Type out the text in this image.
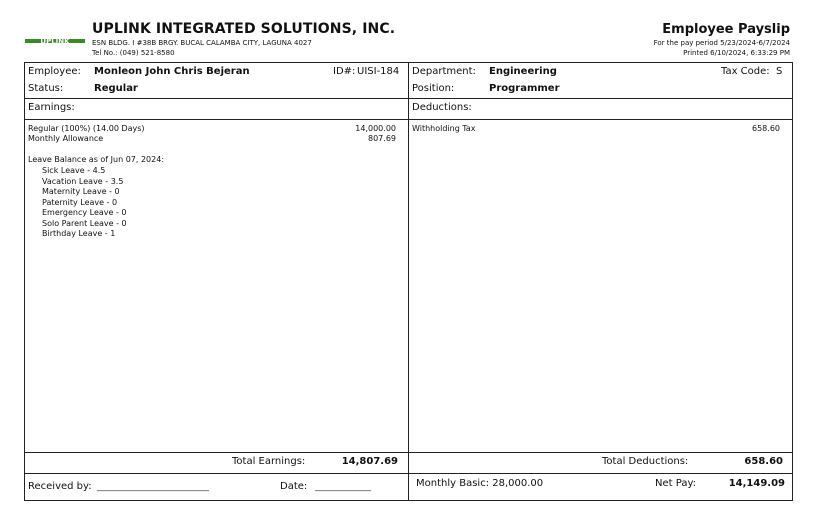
UPLINK
UPLINK INTEGRATED SOLUTIONS, INC.
ESN BLDG. I #38B BRGY. BUCAL CALAMBA CITY, LAGUNA 4027
Tel No.: (049) 521-8580
Employee Payslip
For the pay period 5/23/2024-6/7/2024
Printed 6/10/2024, 6:33:29 PM
Employee: Monleon John Chris Bejeran	ID#: UISI-184
Status:	Regular
Department: Engineering	Tax Code: S
Position:	Programmer
Earnings:	Deductions:
Regular (100%) (14.00 Days)	14,000.00
Monthly Allowance	807.69
Leave Balance as of Jun 07, 2024:
Sick Leave - 4.5
Vacation Leave - 3.5
Maternity Leave - 0
Paternity Leave - 0
Emergency Leave - 0
Solo Parent Leave - 0
Birthday Leave - 1
Withholding Tax	658.60
Total Earnings:	14,807.69	Total Deductions:	658.60
Received by: ____________________________	Date: ______________	Monthly Basic: 28,000.00	Net Pay:	14,149.09
